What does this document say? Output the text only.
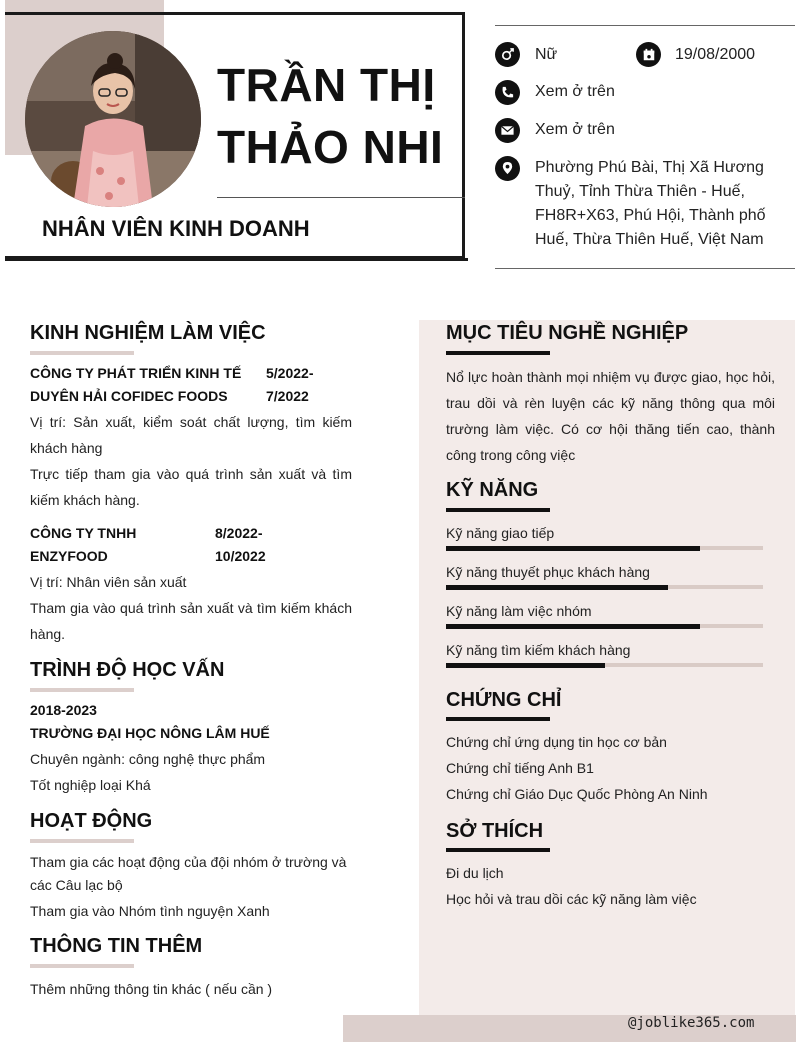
TRẦN THỊ
THẢO NHI
NHÂN VIÊN KINH DOANH
Nữ	19/08/2000
Xem ở trên
Xem ở trên
Phường Phú Bài, Thị Xã Hương Thuỷ, Tỉnh Thừa Thiên - Huế, FH8R+X63, Phú Hội, Thành phố Huế, Thừa Thiên Huế, Việt Nam
@joblike365.com
KINH NGHIỆM LÀM VIỆC
CÔNG TY PHÁT TRIỂN KINH TẾ
DUYÊN HẢI COFIDEC FOODS
5/2022-
7/2022
Vị trí: Sản xuất, kiểm soát chất lượng, tìm kiếm khách hàng
Trực tiếp tham gia vào quá trình sản xuất và tìm kiếm khách hàng.
CÔNG TY TNHH ENZYFOOD
8/2022-
10/2022
Vị trí: Nhân viên sản xuất
Tham gia vào quá trình sản xuất và tìm kiếm khách hàng.
TRÌNH ĐỘ HỌC VẤN
2018-2023
TRƯỜNG ĐẠI HỌC NÔNG LÂM HUẾ
Chuyên ngành: công nghệ thực phẩm
Tốt nghiệp loại Khá
HOẠT ĐỘNG
Tham gia các hoạt động của đội nhóm ở trường và các Câu lạc bộ
Tham gia vào Nhóm tình nguyện Xanh
THÔNG TIN THÊM
Thêm những thông tin khác ( nếu cần )
MỤC TIÊU NGHỀ NGHIỆP
Nổ lực hoàn thành mọi nhiệm vụ được giao, học hỏi, trau dồi và rèn luyện các kỹ năng thông qua môi trường làm việc. Có cơ hội thăng tiến cao, thành công trong công việc
KỸ NĂNG
Kỹ năng giao tiếp
Kỹ năng thuyết phục khách hàng
Kỹ năng làm việc nhóm
Kỹ năng tìm kiếm khách hàng
CHỨNG CHỈ
Chứng chỉ ứng dụng tin học cơ bản
Chứng chỉ tiếng Anh B1
Chứng chỉ Giáo Dục Quốc Phòng An Ninh
SỞ THÍCH
Đi du lịch
Học hỏi và trau dồi các kỹ năng làm việc
